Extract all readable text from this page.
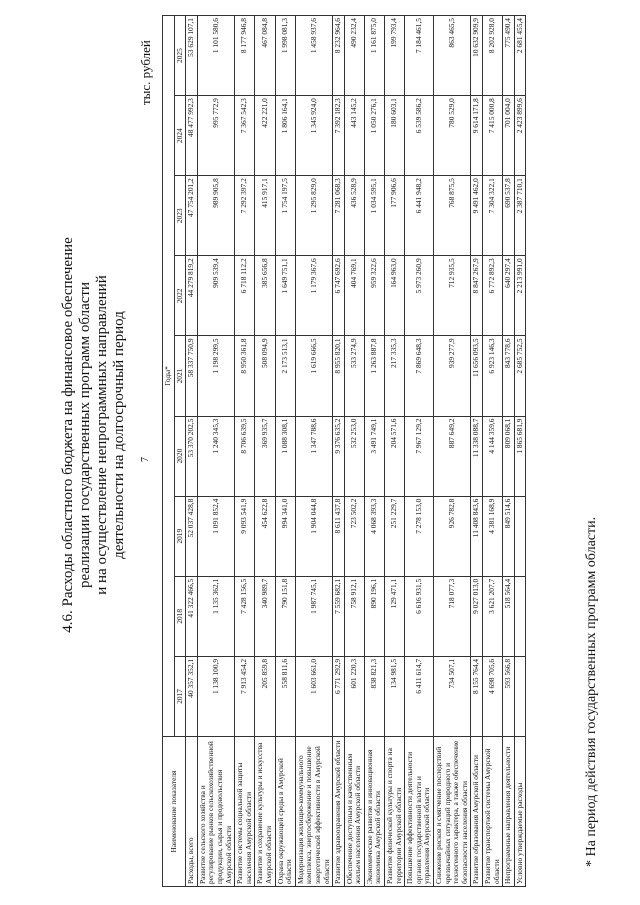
7
4.6. Расходы областного бюджета на финансовое обеспечение реализации государственных программ области и на осуществление непрограммных направлений деятельности на долгосрочный период
тыс. рублей
Наименование показателя	Годы*								
	2017	2018	2019	2020	2021	2022	2023	2024	2025
Расходы, всего	40 357 352,1	41 322 466,5	52 037 428,8	53 370 202,5	58 337 750,9	44 279 819,2	47 754 201,2	48 477 992,3	53 629 107,1
Развитие сельского хозяйства и регулирование рынков сельскохозяйственной продукции, сырья и продовольствия Амурской области	1 138 100,9	1 135 362,1	1 091 852,4	1 240 345,3	1 198 299,5	909 539,4	989 905,8	995 772,9	1 101 580,6
Развитие системы социальной защиты населения Амурской области	7 913 454,2	7 428 156,5	9 093 541,9	8 706 639,5	8 950 361,8	6 718 112,2	7 292 397,2	7 367 542,3	8 177 946,8
Развитие и сохранение культуры и искусства Амурской области	205 859,8	340 989,7	454 622,8	369 935,7	508 094,9	385 656,8	415 917,1	422 221,0	467 084,8
Охрана окружающей среды в Амурской области	558 811,6	790 151,8	994 341,0	1 088 308,1	2 173 513,1	1 649 751,1	1 754 197,5	1 806 164,1	1 998 081,3
Модернизация жилищно-коммунального комплекса, энергосбережение и повышение энергетической эффективности в Амурской области	1 603 661,0	1 987 745,1	1 904 044,8	1 347 788,6	1 619 666,5	1 179 367,6	1 295 829,0	1 345 924,0	1 458 937,6
Развитие здравоохранения Амурской области	6 771 292,9	7 559 682,1	8 611 437,8	9 376 635,2	8 955 820,1	6 747 692,6	7 281 068,3	7 392 182,3	8 232 964,6
Обеспечение доступным и качественным жильем населения Амурской области	601 220,3	758 912,1	723 502,2	532 253,0	533 274,9	404 769,1	436 528,9	443 145,2	490 232,4
Экономическое развитие и инновационная экономика Амурской области	838 821,3	890 196,1	4 068 393,3	3 491 749,1	1 263 887,8	959 322,6	1 034 595,1	1 050 276,1	1 161 875,0
Развитие физической культуры и спорта на территории Амурской области	134 981,5	129 471,1	251 229,7	204 571,6	217 335,3	164 963,0	177 906,6	180 603,1	199 793,4
Повышение эффективности деятельности органов государственной власти и управления Амурской области	6 411 614,7	6 616 931,5	7 278 153,0	7 967 129,2	7 869 648,3	5 973 260,9	6 441 948,2	6 539 586,2	7 184 461,5
Снижение рисков и смягчение последствий чрезвычайных ситуаций природного и техногенного характера, а также обеспечение безопасности населения области	734 507,1	718 077,3	926 782,8	887 649,2	939 277,9	712 935,5	768 875,5	780 529,0	863 465,5
Развитие образования Амурской области	8 155 764,4	9 027 013,0	11 408 843,6	11 338 088,7	11 656 093,5	8 847 267,9	9 491 462,0	9 614 171,8	10 632 909,9
Развитие транспортной системы Амурской области	4 698 705,6	3 621 207,7	4 381 168,9	4 144 359,6	6 923 146,3	6 772 892,3	7 304 322,1	7 415 000,8	8 202 928,0
Непрограммные направления деятельности	593 566,8	518 564,4	849 514,6	809 068,1	843 778,6	640 297,4	690 537,8	701 004,0	775 490,4
Условно утверждаемые расходы				1 865 681,9	2 685 752,5	2 213 991,0	2 387 710,1	2 423 899,6	2 681 455,4
* На период действия государственных программ области.
